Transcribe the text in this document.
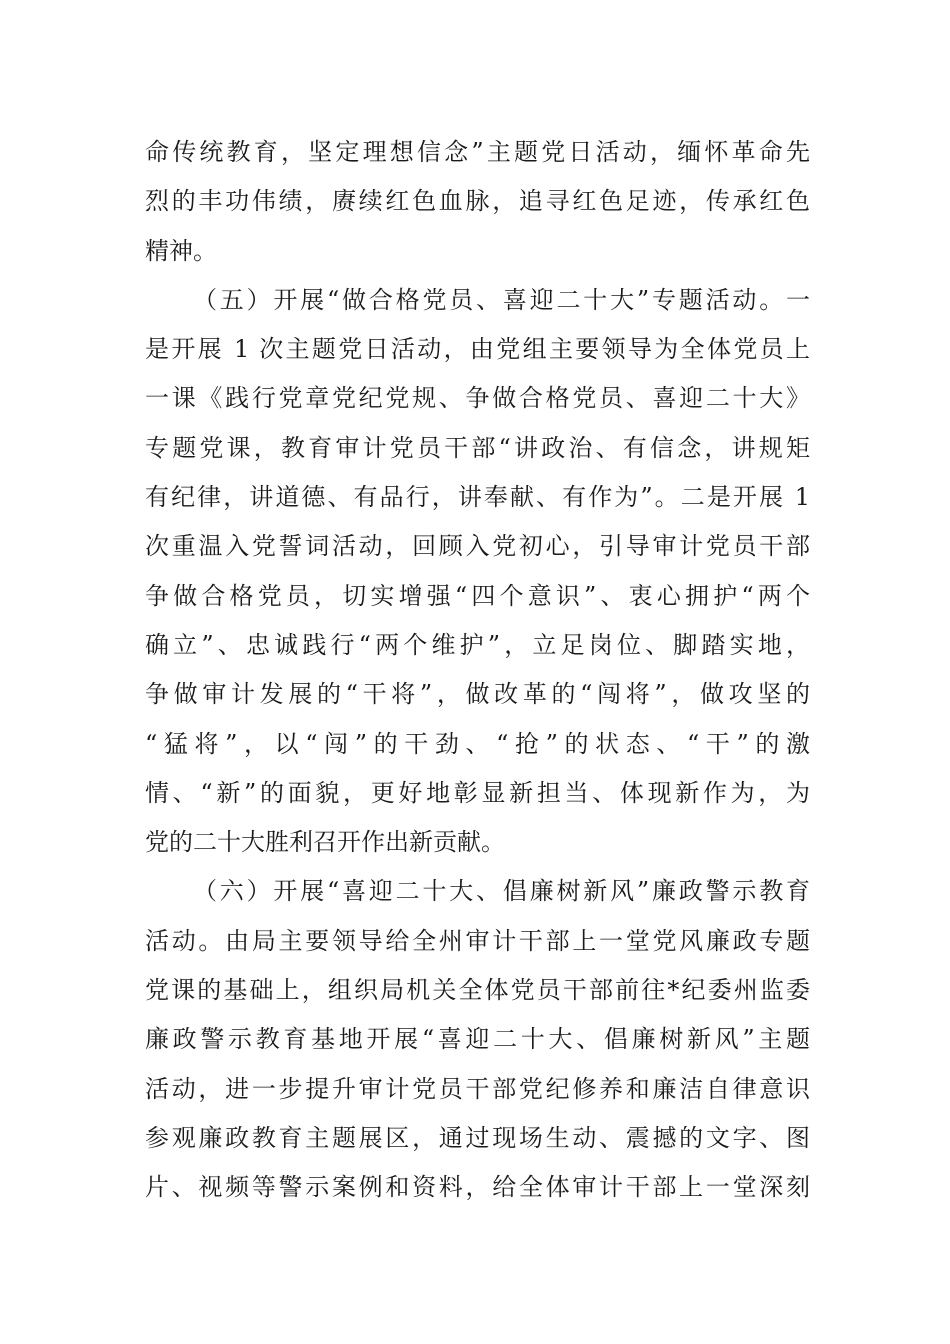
命传统教育，坚定理想信念”主题党日活动，缅怀革命先
烈的丰功伟绩，赓续红色血脉，追寻红色足迹，传承红色
精神。
（五）开展“做合格党员、喜迎二十大”专题活动。一
是开展 1 次主题党日活动，由党组主要领导为全体党员上
一课《践行党章党纪党规、争做合格党员、喜迎二十大》
专题党课，教育审计党员干部“讲政治、有信念，讲规矩
有纪律，讲道德、有品行，讲奉献、有作为”。二是开展 1
次重温入党誓词活动，回顾入党初心，引导审计党员干部
争做合格党员，切实增强“四个意识”、衷心拥护“两个
确立”、忠诚践行“两个维护”，立足岗位、脚踏实地，
争做审计发展的“干将”，做改革的“闯将”，做攻坚的
“猛将”，以“闯”的干劲、“抢”的状态、“干”的激
情、“新”的面貌，更好地彰显新担当、体现新作为，为
党的二十大胜利召开作出新贡献。
（六）开展“喜迎二十大、倡廉树新风”廉政警示教育
活动。由局主要领导给全州审计干部上一堂党风廉政专题
党课的基础上，组织局机关全体党员干部前往*纪委州监委
廉政警示教育基地开展“喜迎二十大、倡廉树新风”主题
活动，进一步提升审计党员干部党纪修养和廉洁自律意识
参观廉政教育主题展区，通过现场生动、震撼的文字、图
片、视频等警示案例和资料，给全体审计干部上一堂深刻
